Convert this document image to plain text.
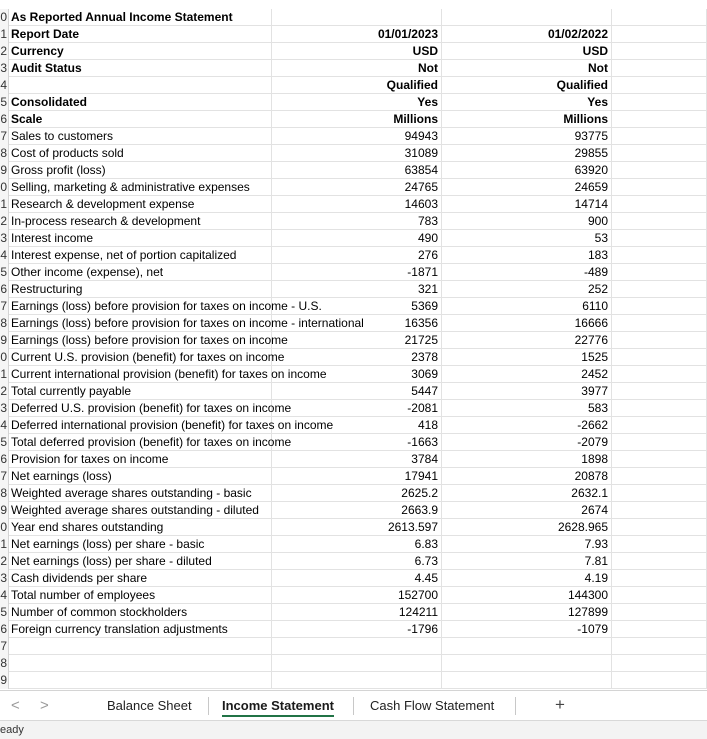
0 As Reported Annual Income Statement
1 Report Date	01/01/2023	01/02/2022
2 Currency	USD	USD
3 Audit Status	Not	Not
4	Qualified	Qualified
5 Consolidated	Yes	Yes
6 Scale	Millions	Millions
7 Sales to customers	94943	93775
8 Cost of products sold	31089	29855
9 Gross profit (loss)	63854	63920
0 Selling, marketing & administrative expenses	24765	24659
1 Research & development expense	14603	14714
2 In-process research & development	783	900
3 Interest income	490	53
4 Interest expense, net of portion capitalized	276	183
5 Other income (expense), net	-1871	-489
6 Restructuring	321	252
7 Earnings (loss) before provision for taxes on income - U.S.	5369	6110
8 Earnings (loss) before provision for taxes on income - international	16356	16666
9 Earnings (loss) before provision for taxes on income	21725	22776
0 Current U.S. provision (benefit) for taxes on income	2378	1525
1 Current international provision (benefit) for taxes on income	3069	2452
2 Total currently payable	5447	3977
3 Deferred U.S. provision (benefit) for taxes on income	-2081	583
4 Deferred international provision (benefit) for taxes on income	418	-2662
5 Total deferred provision (benefit) for taxes on income	-1663	-2079
6 Provision for taxes on income	3784	1898
7 Net earnings (loss)	17941	20878
8 Weighted average shares outstanding - basic	2625.2	2632.1
9 Weighted average shares outstanding - diluted	2663.9	2674
0 Year end shares outstanding	2613.597	2628.965
1 Net earnings (loss) per share - basic	6.83	7.93
2 Net earnings (loss) per share - diluted	6.73	7.81
3 Cash dividends per share	4.45	4.19
4 Total number of employees	152700	144300
5 Number of common stockholders	124211	127899
6 Foreign currency translation adjustments	-1796	-1079
7
8
9
< >	Balance Sheet Income Statement	Cash Flow Statement	+
eady
